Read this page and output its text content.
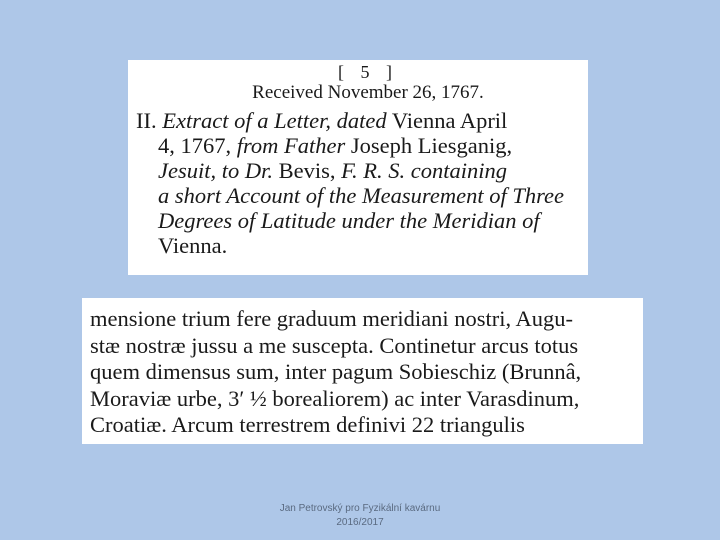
[ 5 ]
Received November 26, 1767.
II. Extract of a Letter, dated Vienna April
4, 1767, from Father Joseph Liesganig,
Jesuit, to Dr. Bevis, F. R. S. containing
a short Account of the Measurement of Three
Degrees of Latitude under the Meridian of
Vienna.
mensione trium fere graduum meridiani nostri, Augu-
stæ nostræ jussu a me suscepta. Continetur arcus totus
quem dimensus sum, inter pagum Sobieschiz (Brunnâ,
Moraviæ urbe, 3′ ½ borealiorem) ac inter Varasdinum,
Croatiæ. Arcum terrestrem definivi 22 triangulis
Jan Petrovský pro Fyzikální kavárnu
2016/2017
